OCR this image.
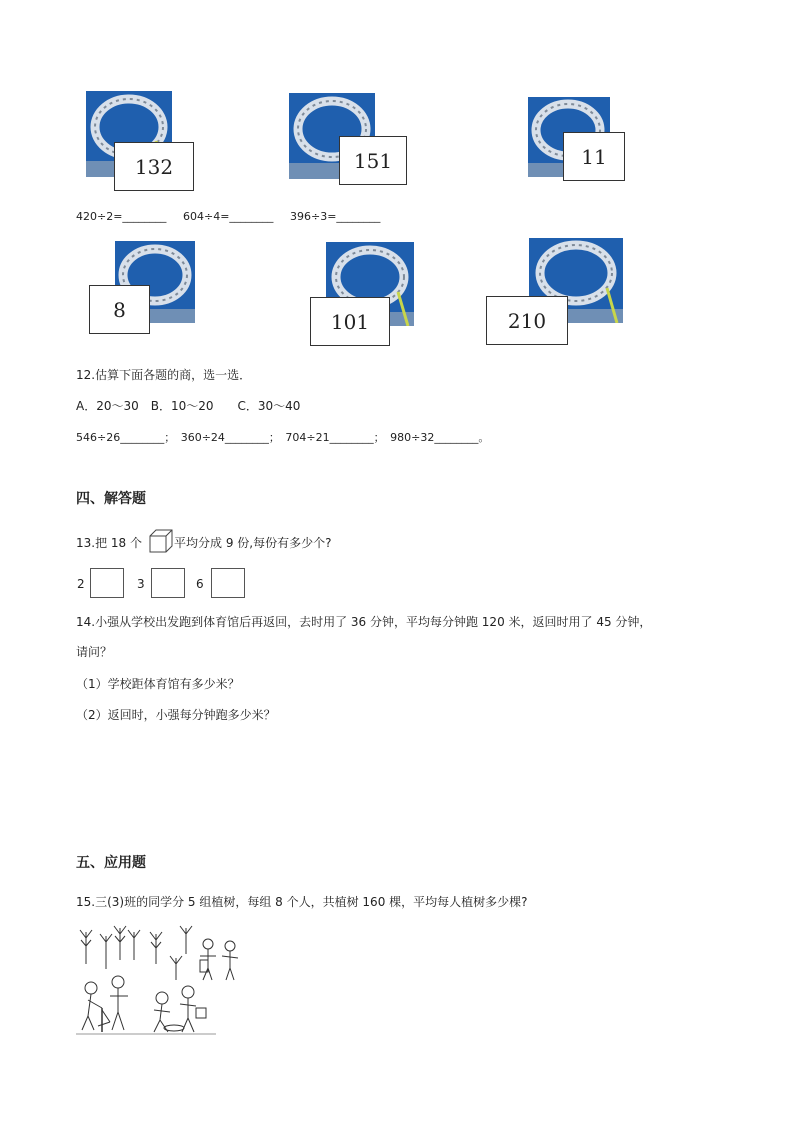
132	151	11
420÷2=________ 604÷4=________ 396÷3=________
8	101	210
12.估算下面各题的商，选一选．
A．20～30　B．10～20　　C．30～40
546÷26________；　360÷24________；　704÷21________；　980÷32________。
四、解答题
13.把 18 个	平均分成 9 份,每份有多少个?
2	3	6
14.小强从学校出发跑到体育馆后再返回，去时用了 36 分钟，平均每分钟跑 120 米，返回时用了 45 分钟，
请问？
（1）学校距体育馆有多少米？
（2）返回时，小强每分钟跑多少米？
五、应用题
15.三(3)班的同学分 5 组植树，每组 8 个人，共植树 160 棵，平均每人植树多少棵?
